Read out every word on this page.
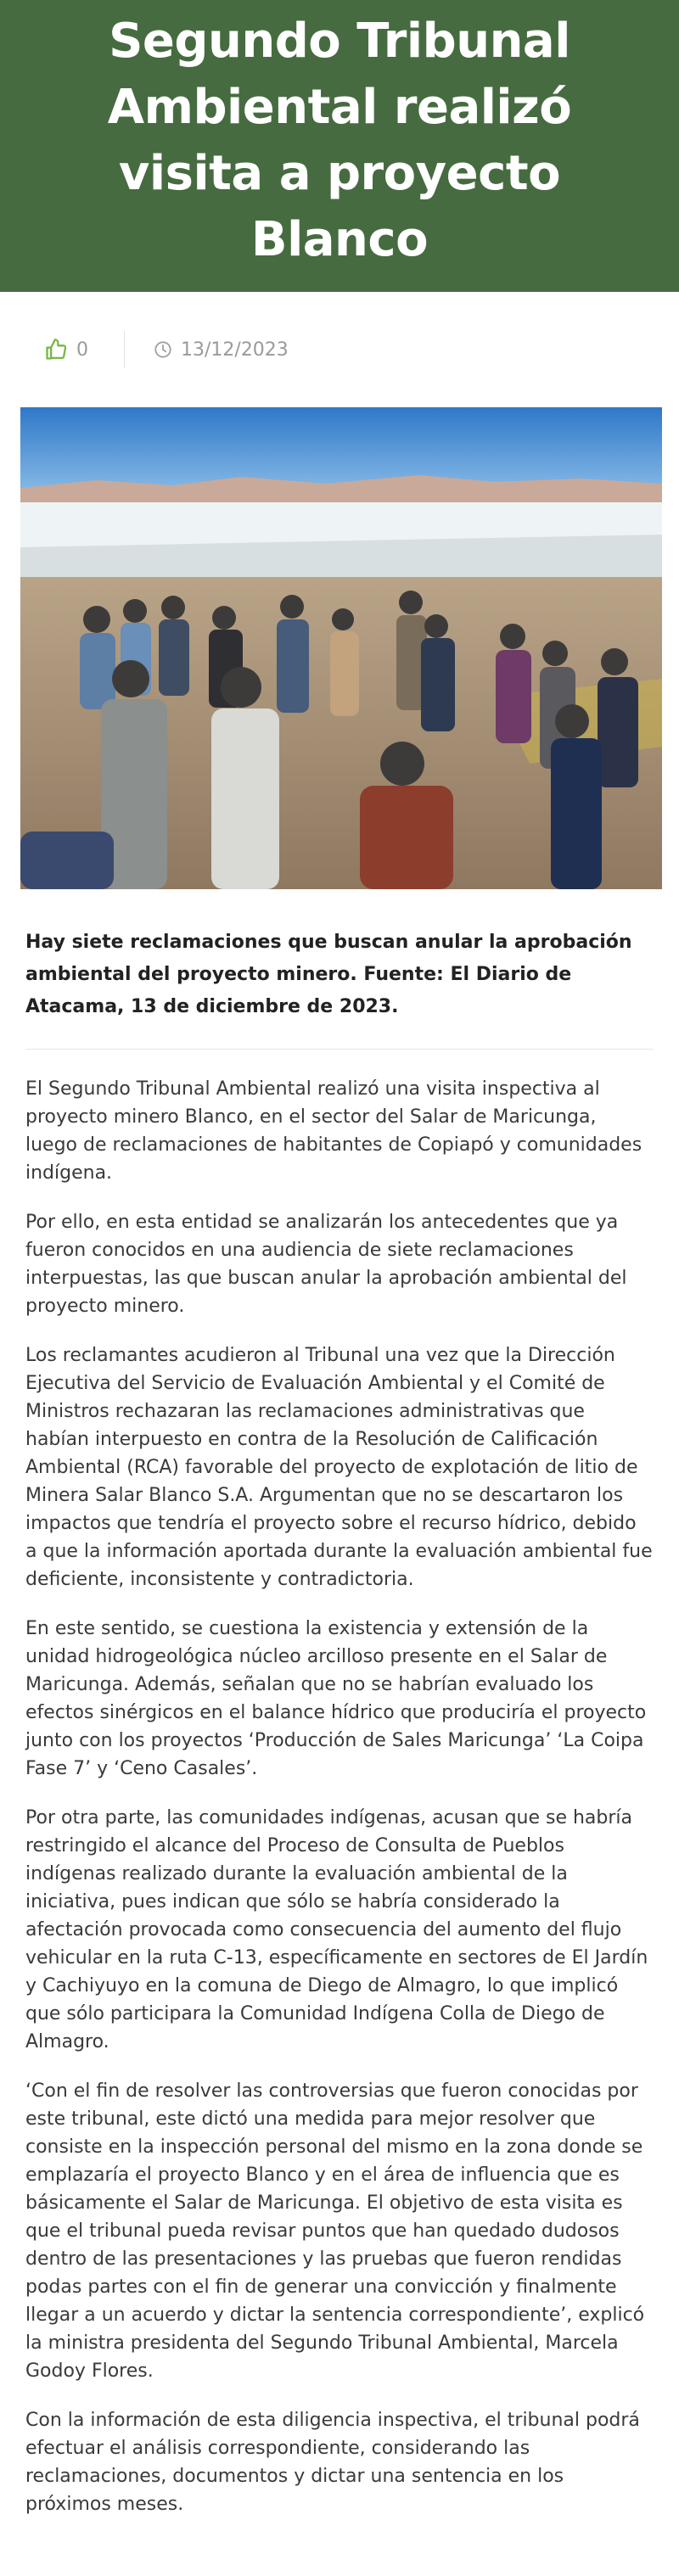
Segundo Tribunal Ambiental realizó visita a proyecto Blanco
0	13/12/2023

Hay siete reclamaciones que buscan anular la aprobación ambiental del proyecto minero. Fuente: El Diario de Atacama, 13 de diciembre de 2023.

El Segundo Tribunal Ambiental realizó una visita inspectiva al proyecto minero Blanco, en el sector del Salar de Maricunga, luego de reclamaciones de habitantes de Copiapó y comunidades indígena.

Por ello, en esta entidad se analizarán los antecedentes que ya fueron conocidos en una audiencia de siete reclamaciones interpuestas, las que buscan anular la aprobación ambiental del proyecto minero.

Los reclamantes acudieron al Tribunal una vez que la Dirección Ejecutiva del Servicio de Evaluación Ambiental y el Comité de Ministros rechazaran las reclamaciones administrativas que habían interpuesto en contra de la Resolución de Calificación Ambiental (RCA) favorable del proyecto de explotación de litio de Minera Salar Blanco S.A. Argumentan que no se descartaron los impactos que tendría el proyecto sobre el recurso hídrico, debido a que la información aportada durante la evaluación ambiental fue deficiente, inconsistente y contradictoria.

En este sentido, se cuestiona la existencia y extensión de la unidad hidrogeológica núcleo arcilloso presente en el Salar de Maricunga. Además, señalan que no se habrían evaluado los efectos sinérgicos en el balance hídrico que produciría el proyecto junto con los proyectos ‘Producción de Sales Maricunga’ ‘La Coipa Fase 7’ y ‘Ceno Casales’.

Por otra parte, las comunidades indígenas, acusan que se habría restringido el alcance del Proceso de Consulta de Pueblos indígenas realizado durante la evaluación ambiental de la iniciativa, pues indican que sólo se habría considerado la afectación provocada como consecuencia del aumento del flujo vehicular en la ruta C-13, específicamente en sectores de El Jardín y Cachiyuyo en la comuna de Diego de Almagro, lo que implicó que sólo participara la Comunidad Indígena Colla de Diego de Almagro.

‘Con el fin de resolver las controversias que fueron conocidas por este tribunal, este dictó una medida para mejor resolver que consiste en la inspección personal del mismo en la zona donde se emplazaría el proyecto Blanco y en el área de influencia que es básicamente el Salar de Maricunga. El objetivo de esta visita es que el tribunal pueda revisar puntos que han quedado dudosos dentro de las presentaciones y las pruebas que fueron rendidas podas partes con el fin de generar una convicción y finalmente llegar a un acuerdo y dictar la sentencia correspondiente’, explicó la ministra presidenta del Segundo Tribunal Ambiental, Marcela Godoy Flores.

Con la información de esta diligencia inspectiva, el tribunal podrá efectuar el análisis correspondiente, considerando las reclamaciones, documentos y dictar una sentencia en los próximos meses.
